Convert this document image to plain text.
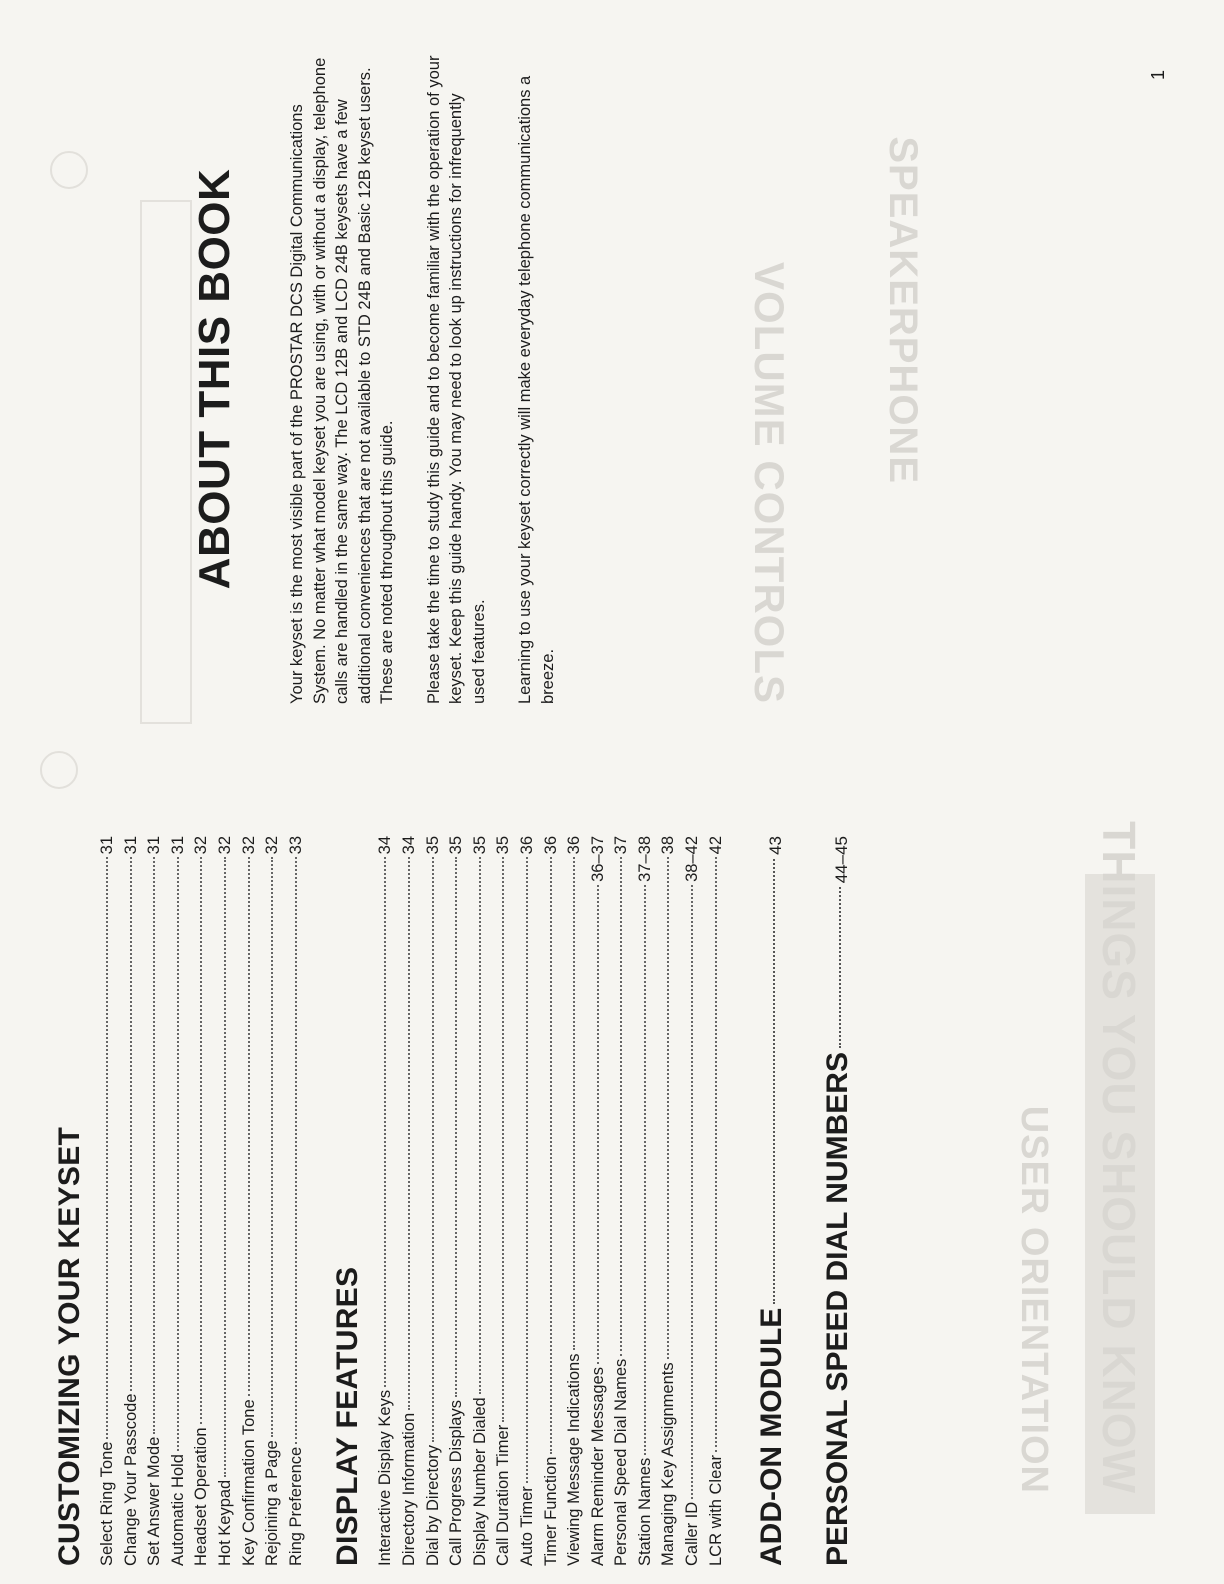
THINGS YOU SHOULD KNOW
USER ORIENTATION
VOLUME CONTROLS SPEAKERPHONE
CUSTOMIZING YOUR KEYSET Select Ring Tone
31
Change Your Passcode
31
Set Answer Mode
31
Automatic Hold
31
Headset Operation
32
Hot Keypad
32
Key Confirmation Tone
32
Rejoining a Page
32
Ring Preference
33
DISPLAY FEATURES Interactive Display Keys
34
Directory Information
34
Dial by Directory
35
Call Progress Displays
35
Display Number Dialed
35
Call Duration Timer
35
Auto Timer
36
Timer Function
36
Viewing Message Indications
36
Alarm Reminder Messages
36–37
Personal Speed Dial Names
37
Station Names
37–38
Managing Key Assignments
38
Caller ID
38–42
LCR with Clear
42
ADD-ON MODULE
43
PERSONAL SPEED DIAL NUMBERS
44–45
ABOUT THIS BOOK	Your keyset is the most visible part of the PROSTAR DCS Digital Communications System. No matter what model keyset you are using, with or without a display, telephone calls are handled in the same way. The LCD 12B and LCD 24B keysets have a few additional conveniences that are not available to STD 24B and Basic 12B keyset users. These are noted throughout this guide. Please take the time to study this guide and to become familiar with the operation of your keyset. Keep this guide handy. You may need to look up instructions for infrequently used features. Learning to use your keyset correctly will make everyday telephone communications a breeze.

1
